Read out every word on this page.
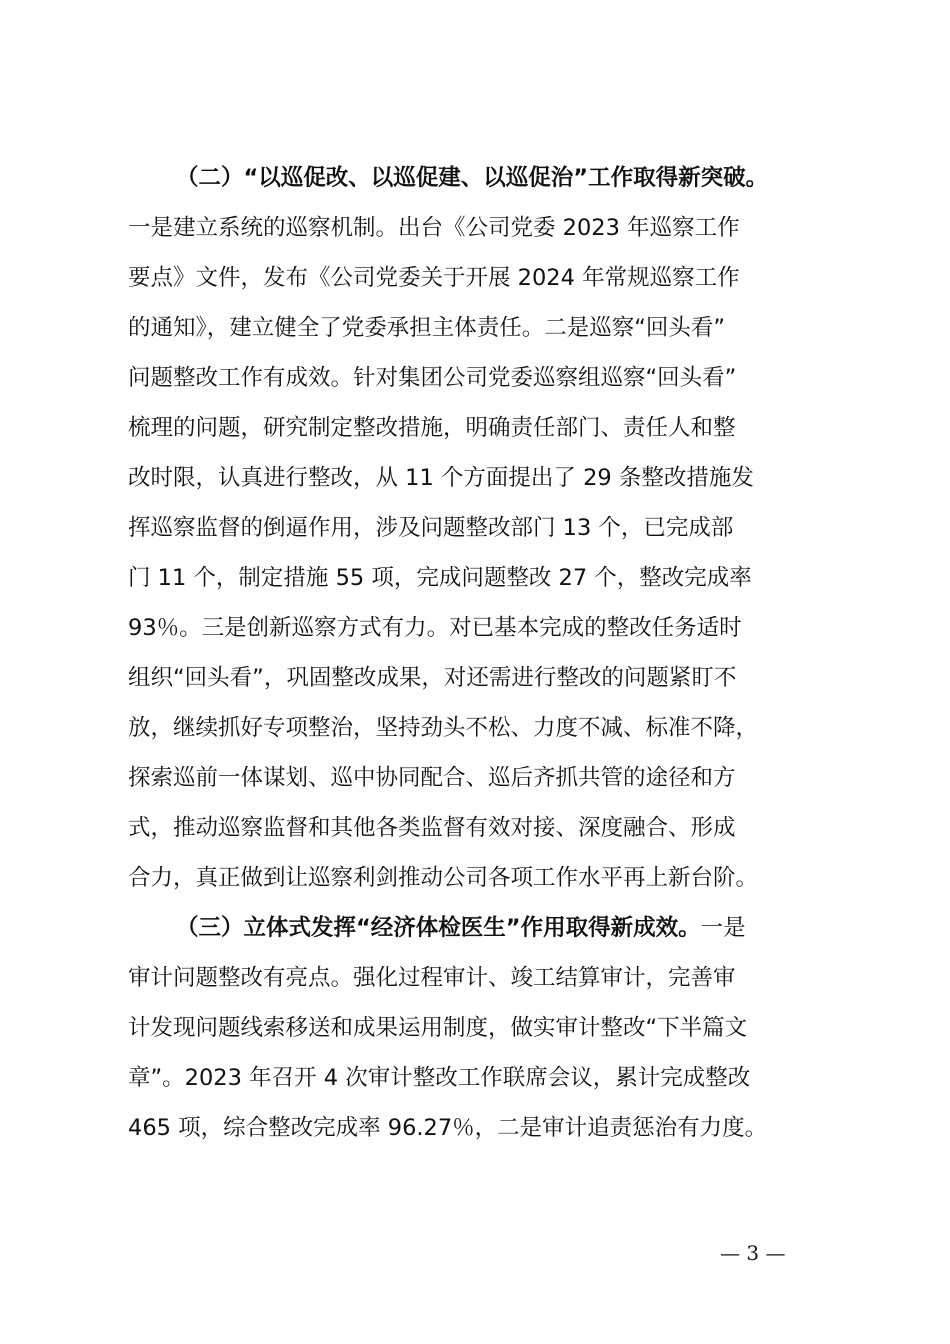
（二）“以巡促改、以巡促建、以巡促治”工作取得新突破。
一是建立系统的巡察机制。出台《公司党委 2023 年巡察工作
要点》文件，发布《公司党委关于开展 2024 年常规巡察工作
的通知》，建立健全了党委承担主体责任。二是巡察“回头看”
问题整改工作有成效。针对集团公司党委巡察组巡察“回头看”
梳理的问题，研究制定整改措施，明确责任部门、责任人和整
改时限，认真进行整改，从 11 个方面提出了 29 条整改措施发
挥巡察监督的倒逼作用，涉及问题整改部门 13 个，已完成部
门 11 个，制定措施 55 项，完成问题整改 27 个，整改完成率
93％。三是创新巡察方式有力。对已基本完成的整改任务适时
组织“回头看”，巩固整改成果，对还需进行整改的问题紧盯不
放，继续抓好专项整治，坚持劲头不松、力度不减、标准不降，
探索巡前一体谋划、巡中协同配合、巡后齐抓共管的途径和方
式，推动巡察监督和其他各类监督有效对接、深度融合、形成
合力，真正做到让巡察利剑推动公司各项工作水平再上新台阶。
（三）立体式发挥“经济体检医生”作用取得新成效。一是
审计问题整改有亮点。强化过程审计、竣工结算审计，完善审
计发现问题线索移送和成果运用制度，做实审计整改“下半篇文
章”。2023 年召开 4 次审计整改工作联席会议，累计完成整改
465 项，综合整改完成率 96.27％，二是审计追责惩治有力度。
— 3 —
